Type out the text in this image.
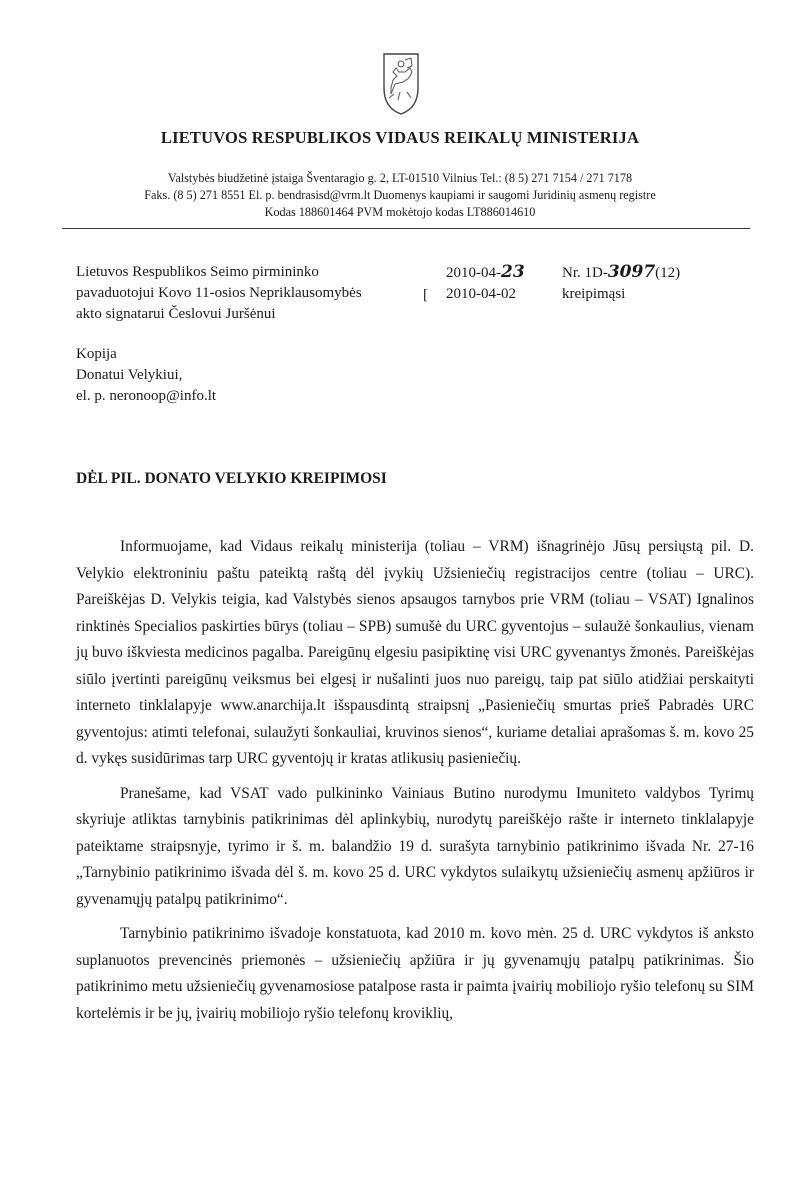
LIETUVOS RESPUBLIKOS VIDAUS REIKALŲ MINISTERIJA
Valstybės biudžetinė įstaiga Šventaragio g. 2, LT-01510 Vilnius Tel.: (8 5) 271 7154 / 271 7178
Faks. (8 5) 271 8551 El. p. bendrasisd@vrm.lt Duomenys kaupiami ir saugomi Juridinių asmenų registre
Kodas 188601464 PVM mokėtojo kodas LT886014610
Lietuvos Respublikos Seimo pirmininko
pavaduotojui Kovo 11-osios Nepriklausomybės
akto signatarui Česlovui Juršėnui
[
2010-04-23
2010-04-02
Nr. 1D-3097(12)
kreipimąsi
Kopija
Donatui Velykiui,
el. p. neronoop@info.lt
DĖL PIL. DONATO VELYKIO KREIPIMOSI

Informuojame, kad Vidaus reikalų ministerija (toliau – VRM) išnagrinėjo Jūsų persiųstą pil. D. Velykio elektroniniu paštu pateiktą raštą dėl įvykių Užsieniečių registracijos centre (toliau – URC). Pareiškėjas D. Velykis teigia, kad Valstybės sienos apsaugos tarnybos prie VRM (toliau – VSAT) Ignalinos rinktinės Specialios paskirties būrys (toliau – SPB) sumušė du URC gyventojus – sulaužė šonkaulius, vienam jų buvo iškviesta medicinos pagalba. Pareigūnų elgesiu pasipiktinę visi URC gyvenantys žmonės. Pareiškėjas siūlo įvertinti pareigūnų veiksmus bei elgesį ir nušalinti juos nuo pareigų, taip pat siūlo atidžiai perskaityti interneto tinklalapyje www.anarchija.lt išspausdintą straipsnį „Pasieniečių smurtas prieš Pabradės URC gyventojus: atimti telefonai, sulaužyti šonkauliai, kruvinos sienos“, kuriame detaliai aprašomas š. m. kovo 25 d. vykęs susidūrimas tarp URC gyventojų ir kratas atlikusių pasieniečių.

Pranešame, kad VSAT vado pulkininko Vainiaus Butino nurodymu Imuniteto valdybos Tyrimų skyriuje atliktas tarnybinis patikrinimas dėl aplinkybių, nurodytų pareiškėjo rašte ir interneto tinklalapyje pateiktame straipsnyje, tyrimo ir š. m. balandžio 19 d. surašyta tarnybinio patikrinimo išvada Nr. 27-16 „Tarnybinio patikrinimo išvada dėl š. m. kovo 25 d. URC vykdytos sulaikytų užsieniečių asmenų apžiūros ir gyvenamųjų patalpų patikrinimo“.

Tarnybinio patikrinimo išvadoje konstatuota, kad 2010 m. kovo mėn. 25 d. URC vykdytos iš anksto suplanuotos prevencinės priemonės – užsieniečių apžiūra ir jų gyvenamųjų patalpų patikrinimas. Šio patikrinimo metu užsieniečių gyvenamosiose patalpose rasta ir paimta įvairių mobiliojo ryšio telefonų su SIM kortelėmis ir be jų, įvairių mobiliojo ryšio telefonų kroviklių,
